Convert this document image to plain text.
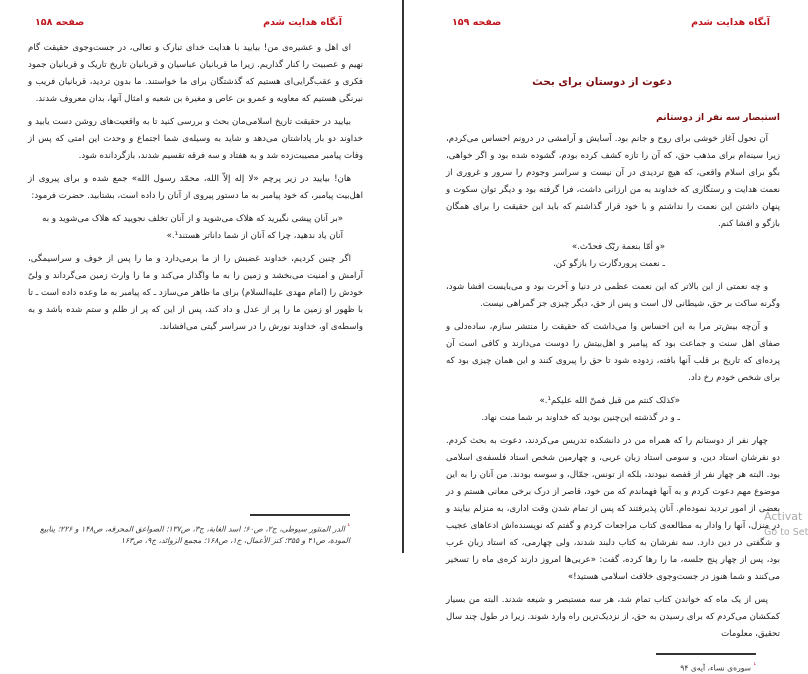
آنگاه هدایت شدم
صفحه ۱۵۸

ای اهل و عشیره‌ی من! بیایید با هدایت خدای تبارک و تعالی، در جست‌وجوی حقیقت گام نهیم و عصبیت را کنار گذاریم. زیرا ما قربانیان عباسیان و قربانیان تاریخ تاریک و قربانیان جمود فکری و عقب‌گرایی‌ای هستیم که گذشتگان برای ما خواستند. ما بدون تردید، قربانیان فریب و نیرنگی هستیم که معاویه و عمرو بن عاص و مغیرة بن شعبه و امثال آنها، بدان معروف شدند.

بیایید در حقیقت تاریخ اسلامی‌مان بحث و بررسی کنید تا به واقعیت‌های روشن دست یابید و خداوند دو بار پاداشتان می‌دهد و شاید به وسیله‌ی شما اجتماع و وحدت این امتی که پس از وفات پیامبر مصیبت‌زده شد و به هفتاد و سه فرقه تقسیم شدند، بازگردانده شود.

هان! بیایید در زیر پرچم «لا إله إلاّ الله، محمّد رسول الله» جمع شده و برای پیروی از اهل‌بیت پیامبر، که خود پیامبر به ما دستور پیروی از آنان را داده است، بشتابید. حضرت فرمود:

«بر آنان پیشی نگیرید که هلاک می‌شوید و از آنان تخلف نجویید که هلاک می‌شوید و به
آنان یاد ندهید، چرا که آنان از شما داناتر هستند¹.»

اگر چنین کردیم، خداوند غضبش را از ما برمی‌دارد و ما را پس از خوف و سراسیمگی، آرامش و امنیت می‌بخشد و زمین را به ما واگذار می‌کند و ما را وارث زمین می‌گرداند و ولیّ خودش را (امام مهدی علیه‌السلام) برای ما ظاهر می‌سازد ـ که پیامبر به ما وعده داده است ـ تا با ظهور او زمین ما را پر از عدل و داد کند، پس از این که پر از ظلم و ستم شده باشد و به واسطه‌ی او، خداوند نورش را در سراسر گیتی می‌افشاند.

$^{^1}$ الدر المنثور سیوطی، ج۲، ص۶۰؛ اسد الغابة، ج۳، ص۱۳۷؛ الصواعق المحرقه، ص۱۴۸ و ۲۲۶؛ ینابیع المودة، ص۴۱ و ۳۵۵؛ کنز الأعمال، ج۱، ص۱۶۸؛ مجمع الزوائد، ج۹، ص۱۶۳
آنگاه هدایت شدم
صفحه ۱۵۹
دعوت از دوستان برای بحث
استبصار سه نفر از دوستانم

آن تحول آغاز خوشی برای روح و جانم بود. آسایش و آرامشی در درونم احساس می‌کردم، زیرا سینه‌ام برای مذهب حق، که آن را تازه کشف کرده بودم، گشوده شده بود و اگر خواهی، بگو برای اسلام واقعی، که هیچ تردیدی در آن نیست و سراسر وجودم را سرور و غروری از نعمت هدایت و رستگاری که خداوند به من ارزانی داشت، فرا گرفته بود و دیگر توان سکوت و پنهان داشتن این نعمت را نداشتم و با خود قرار گذاشتم که باید این حقیقت را برای همگان بازگو و افشا کنم.

«و أمّا بنعمة ربّک فحدّث.»
ـ نعمت پروردگارت را بازگو کن.

و چه نعمتی از این بالاتر که این نعمت عظمی در دنیا و آخرت بود و می‌بایست افشا شود، وگرنه ساکت بر حق، شیطانی لال است و پس از حق، دیگر چیزی جز گمراهی نیست.

و آن‌چه بیش‌تر مرا به این احساس وا می‌داشت که حقیقت را منتشر سازم، ساده‌دلی و صفای اهل سنت و جماعت بود که پیامبر و اهل‌بیتش را دوست می‌دارند و کافی است آن پرده‌ای که تاریخ بر قلب آنها بافته، زدوده شود تا حق را پیروی کنند و این همان چیزی بود که برای شخص خودم رخ داد.

«کذلک کنتم من قبل فمنّ الله علیکم¹.»
ـ و در گذشته این‌چنین بودید که خداوند بر شما منت نهاد.

چهار نفر از دوستانم را که همراه من در دانشکده تدریس می‌کردند، دعوت به بحث کردم. دو نفرشان استاد دین، و سومی استاد زبان عربی، و چهارمین شخص استاد فلسفه‌ی اسلامی بود. البته هر چهار نفر از قفصه نبودند، بلکه از تونس، جمّال، و سوسه بودند. من آنان را به این موضوع مهم دعوت کردم و به آنها فهماندم که من خود، قاصر از درک برخی معانی هستم و در بعضی از امور تردید نموده‌ام. آنان پذیرفتند که پس از تمام شدن وقت اداری، به منزلم بیایند و در منزل، آنها را وادار به مطالعه‌ی کتاب مراجعات کردم و گفتم که نویسنده‌اش ادعاهای عجیب و شگفتی در دین دارد. سه نفرشان به کتاب دلبند شدند، ولی چهارمی، که استاد زبان عرب بود، پس از چهار پنج جلسه، ما را رها کرده، گفت: «عربی‌ها امروز دارند کره‌ی ماه را تسخیر می‌کنند و شما هنوز در جست‌وجوی خلافت اسلامی هستید!»

پس از یک ماه که خواندن کتاب تمام شد، هر سه مستبصر و شیعه شدند. البته من بسیار کمکشان می‌کردم که برای رسیدن به حق، از نزدیک‌ترین راه وارد شوند. زیرا در طول چند سال تحقیق، معلومات

$^{^1}$ سوره‌ی نساء، آیه‌ی ۹۴
Activat
Go to Set
